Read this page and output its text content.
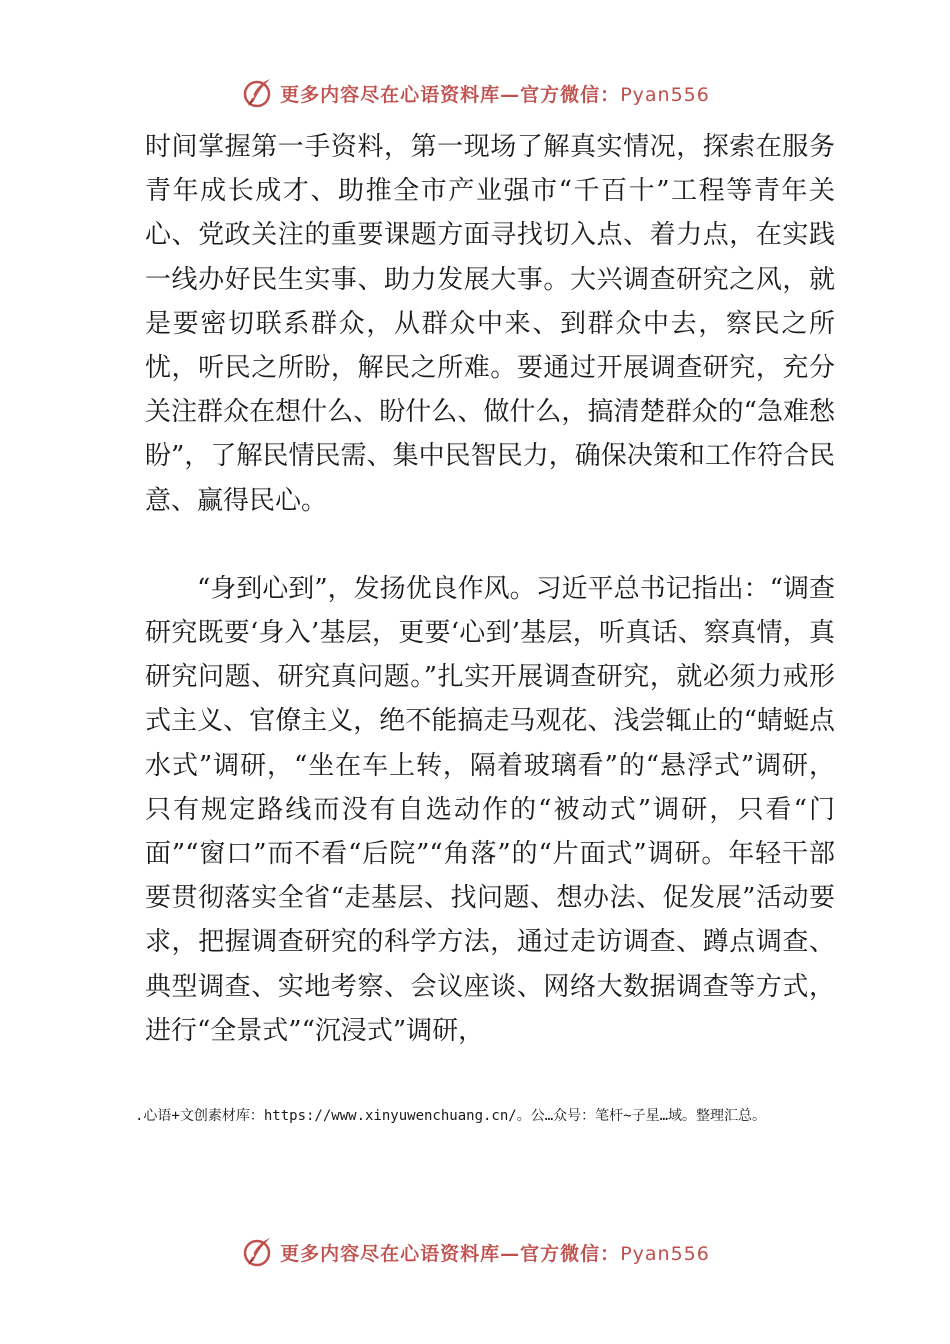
更多内容尽在心语资料库—官方微信：Pyan556

时间掌握第一手资料，第一现场了解真实情况，探索在服务青年成长成才、助推全市产业强市“千百十”工程等青年关心、党政关注的重要课题方面寻找切入点、着力点，在实践一线办好民生实事、助力发展大事。大兴调查研究之风，就是要密切联系群众，从群众中来、到群众中去，察民之所忧，听民之所盼，解民之所难。要通过开展调查研究，充分关注群众在想什么、盼什么、做什么，搞清楚群众的“急难愁盼”，了解民情民需、集中民智民力，确保决策和工作符合民意、赢得民心。

“身到心到”，发扬优良作风。习近平总书记指出：“调查研究既要‘身入’基层，更要‘心到’基层，听真话、察真情，真研究问题、研究真问题。”扎实开展调查研究，就必须力戒形式主义、官僚主义，绝不能搞走马观花、浅尝辄止的“蜻蜓点水式”调研，“坐在车上转，隔着玻璃看”的“悬浮式”调研，只有规定路线而没有自选动作的“被动式”调研，只看“门面”“窗口”而不看“后院”“角落”的“片面式”调研。年轻干部要贯彻落实全省“走基层、找问题、想办法、促发展”活动要求，把握调查研究的科学方法，通过走访调查、蹲点调查、典型调查、实地考察、会议座谈、网络大数据调查等方式，进行“全景式”“沉浸式”调研，

.心语+文创素材库：https://www.xinyuwenchuang.cn/。公…众号：笔杆~子星…域。整理汇总。
更多内容尽在心语资料库—官方微信：Pyan556
